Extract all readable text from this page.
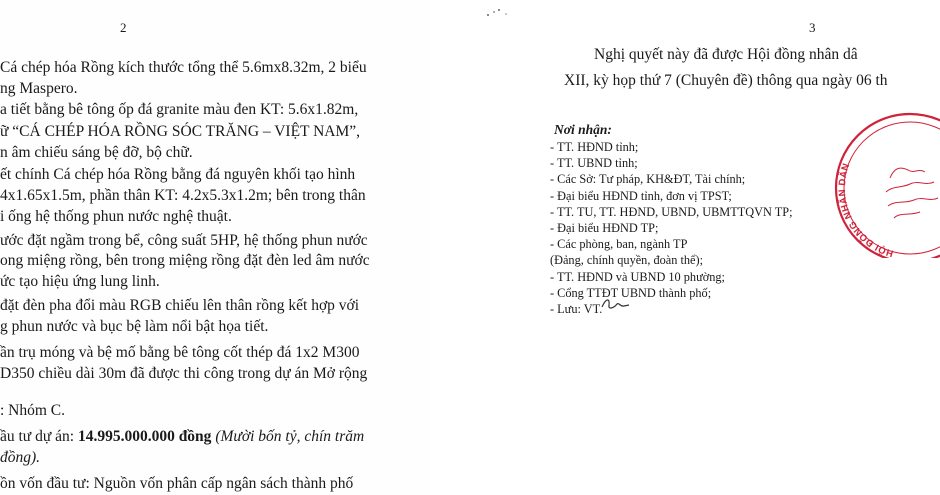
2
Cá chép hóa Rồng kích thước tổng thể 5.6mx8.32m, 2 biểu
ng Maspero.
a tiết bằng bê tông ốp đá granite màu đen KT: 5.6x1.82m,
ữ “CÁ CHÉP HÓA RỒNG SÓC TRĂNG – VIỆT NAM”,
n âm chiếu sáng bệ đỡ, bộ chữ.
ết chính Cá chép hóa Rồng bằng đá nguyên khối tạo hình
4x1.65x1.5m, phần thân KT: 4.2x5.3x1.2m; bên trong thân
i ống hệ thống phun nước nghệ thuật.
ước đặt ngầm trong bể, công suất 5HP, hệ thống phun nước
ong miệng rồng, bên trong miệng rồng đặt đèn led âm nước
ức tạo hiệu ứng lung linh.
đặt đèn pha đổi màu RGB chiếu lên thân rồng kết hợp với
g phun nước và bục bệ làm nổi bật họa tiết.
ần trụ móng và bệ mố bằng bê tông cốt thép đá 1x2 M300
D350 chiều dài 30m đã được thi công trong dự án Mở rộng
: Nhóm C.
ầu tư dự án: 14.995.000.000 đồng (Mười bốn tỷ, chín trăm
đồng).
ồn vốn đầu tư: Nguồn vốn phân cấp ngân sách thành phố
3
Nghị quyết này đã được Hội đồng nhân dâ
XII, kỳ họp thứ 7 (Chuyên đề) thông qua ngày 06 th
Nơi nhận:
- TT. HĐND tỉnh;
- TT. UBND tỉnh;
- Các Sở: Tư pháp, KH&ĐT, Tài chính;
- Đại biểu HĐND tỉnh, đơn vị TPST;
- TT. TU, TT. HĐND, UBND, UBMTTQVN TP;
- Đại biểu HĐND TP;
- Các phòng, ban, ngành TP
(Đảng, chính quyền, đoàn thể);
- TT. HĐND và UBND 10 phường;
- Cổng TTĐT UBND thành phố;
- Lưu: VT.
HỘI ĐỒNG NHÂN DÂN
